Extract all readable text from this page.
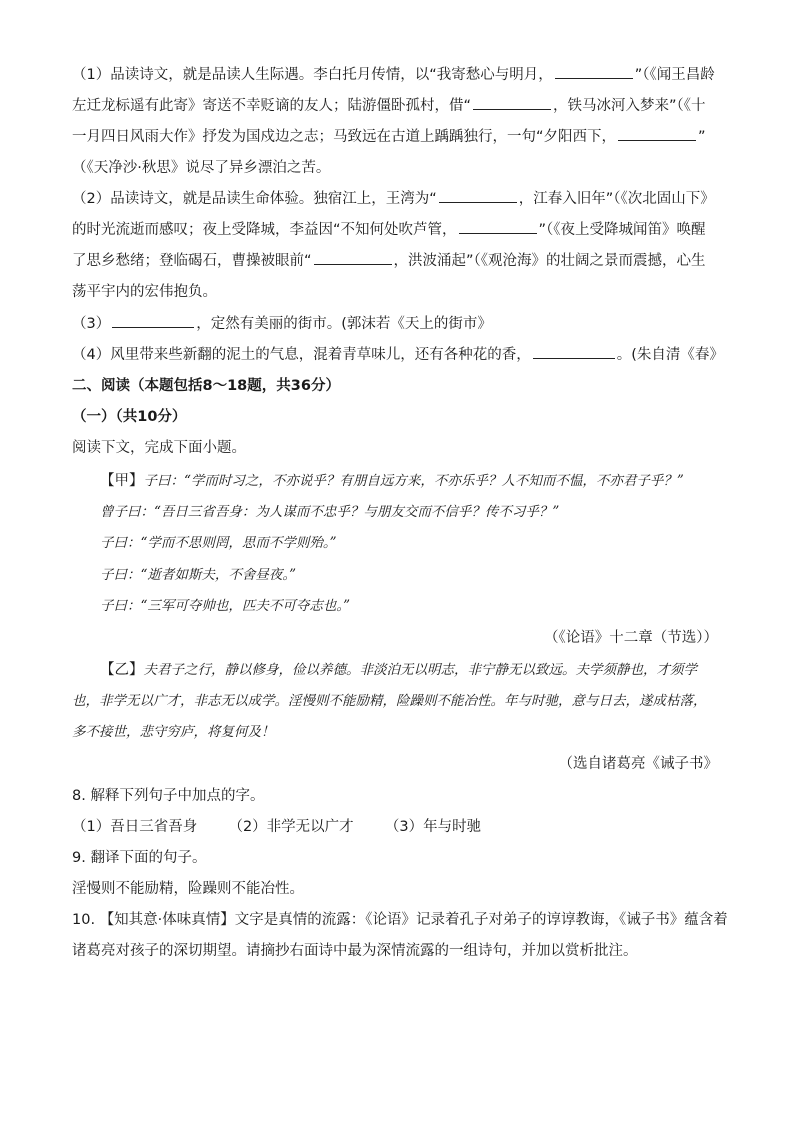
（1）品读诗文，就是品读人生际遇。李白托月传情，以“我寄愁心与明月，	”（《闻王昌龄
左迁龙标遥有此寄》寄送不幸贬谪的友人；陆游僵卧孤村，借“	，铁马冰河入梦来”（《十
一月四日风雨大作》抒发为国戍边之志；马致远在古道上踽踽独行，一句“夕阳西下，	”
（《天净沙·秋思》说尽了异乡漂泊之苦。
（2）品读诗文，就是品读生命体验。独宿江上，王湾为“	，江春入旧年”（《次北固山下》
的时光流逝而感叹；夜上受降城，李益因“不知何处吹芦管，	”（《夜上受降城闻笛》唤醒
了思乡愁绪；登临碣石，曹操被眼前“	，洪波涌起”（《观沧海》的壮阔之景而震撼，心生
荡平宇内的宏伟抱负。
（3）	，定然有美丽的街市。(郭沫若《天上的街市》
（4）风里带来些新翻的泥土的气息，混着青草味儿，还有各种花的香，	。(朱自清《春》
二、阅读（本题包括8～18题，共36分）
（一）（共10分）
阅读下文，完成下面小题。
【甲】子曰：“学而时习之，不亦说乎？有朋自远方来，不亦乐乎？人不知而不愠，不亦君子乎？”
曾子曰：“吾日三省吾身：为人谋而不忠乎？与朋友交而不信乎？传不习乎？”
子曰：“学而不思则罔，思而不学则殆。”
子曰：“逝者如斯夫，不舍昼夜。”
子曰：“三军可夺帅也，匹夫不可夺志也。”
（《论语》十二章（节选））
【乙】夫君子之行，静以修身，俭以养德。非淡泊无以明志，非宁静无以致远。夫学须静也，才须学
也，非学无以广才，非志无以成学。淫慢则不能励精，险躁则不能冶性。年与时驰，意与日去，遂成枯落，
多不接世，悲守穷庐，将复何及！
（选自诸葛亮《诫子书》
8. 解释下列句子中加点的字。
（1）吾日三省吾身 （2）非学无以广才 （3）年与时驰
9. 翻译下面的句子。
淫慢则不能励精，险躁则不能冶性。
10. 【知其意·体味真情】文字是真情的流露：《论语》记录着孔子对弟子的谆谆教诲，《诫子书》蕴含着
诸葛亮对孩子的深切期望。请摘抄右面诗中最为深情流露的一组诗句，并加以赏析批注。
